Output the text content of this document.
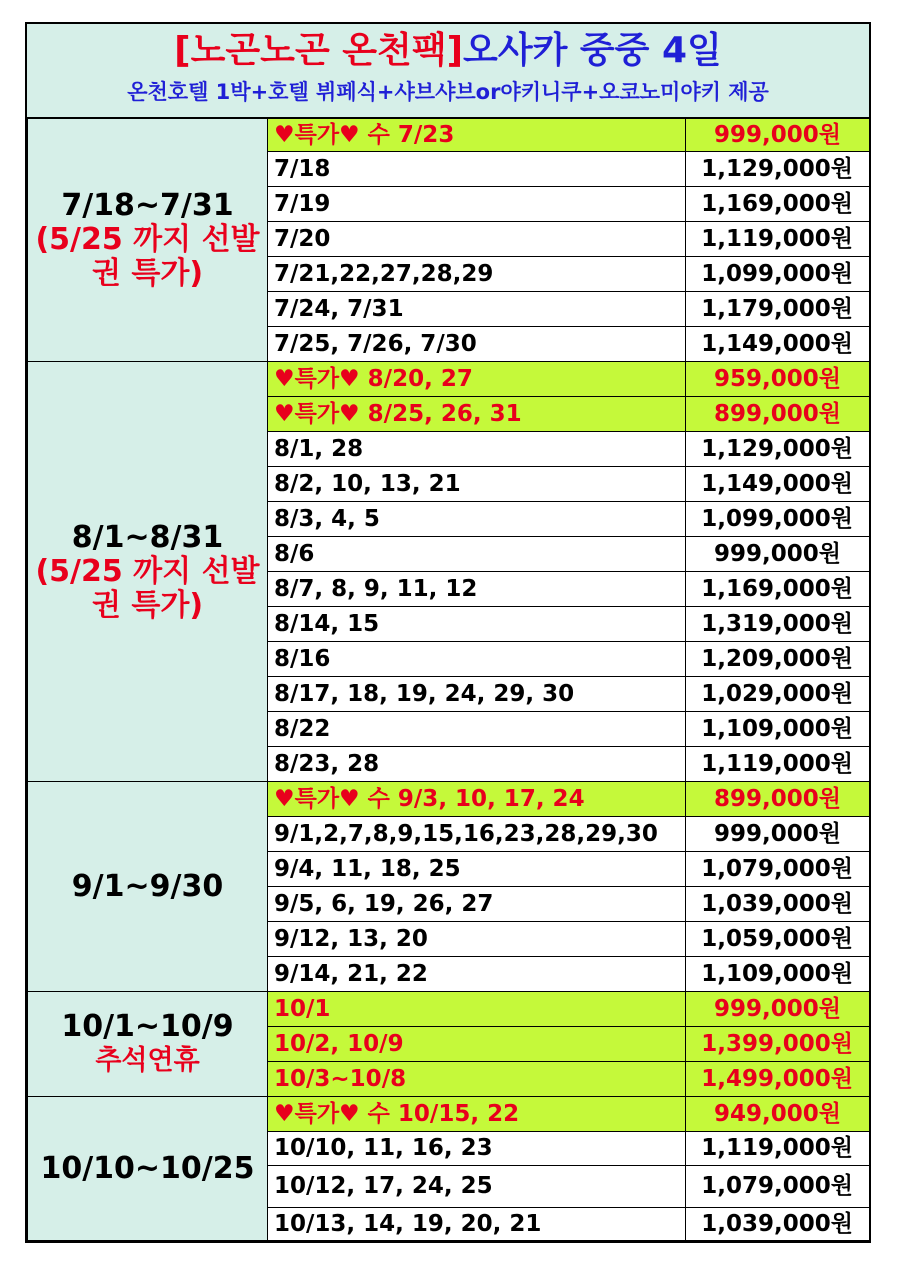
[노곤노곤 온천팩]오사카 중중 4일
온천호텔 1박+호텔 뷔페식+샤브샤브or야키니쿠+오코노미야키 제공
7/18~7/31
(5/25 까지 선발권 특가)	♥특가♥ 수 7/23	999,000원
	7/18	1,129,000원
	7/19	1,169,000원
	7/20	1,119,000원
	7/21,22,27,28,29	1,099,000원
	7/24, 7/31	1,179,000원
	7/25, 7/26, 7/30	1,149,000원

8/1~8/31
(5/25 까지 선발권 특가)	♥특가♥ 8/20, 27	959,000원
	♥특가♥ 8/25, 26, 31	899,000원
	8/1, 28	1,129,000원
	8/2, 10, 13, 21	1,149,000원
	8/3, 4, 5	1,099,000원
	8/6	999,000원
	8/7, 8, 9, 11, 12	1,169,000원
	8/14, 15	1,319,000원
	8/16	1,209,000원
	8/17, 18, 19, 24, 29, 30	1,029,000원
	8/22	1,109,000원
	8/23, 28	1,119,000원

9/1~9/30	♥특가♥ 수 9/3, 10, 17, 24	899,000원
	9/1,2,7,8,9,15,16,23,28,29,30	999,000원
	9/4, 11, 18, 25	1,079,000원
	9/5, 6, 19, 26, 27	1,039,000원
	9/12, 13, 20	1,059,000원
	9/14, 21, 22	1,109,000원

10/1~10/9
추석연휴	10/1	999,000원
	10/2, 10/9	1,399,000원
	10/3~10/8	1,499,000원

10/10~10/25	♥특가♥ 수 10/15, 22	949,000원
	10/10, 11, 16, 23	1,119,000원
	10/12, 17, 24, 25	1,079,000원
	10/13, 14, 19, 20, 21	1,039,000원
